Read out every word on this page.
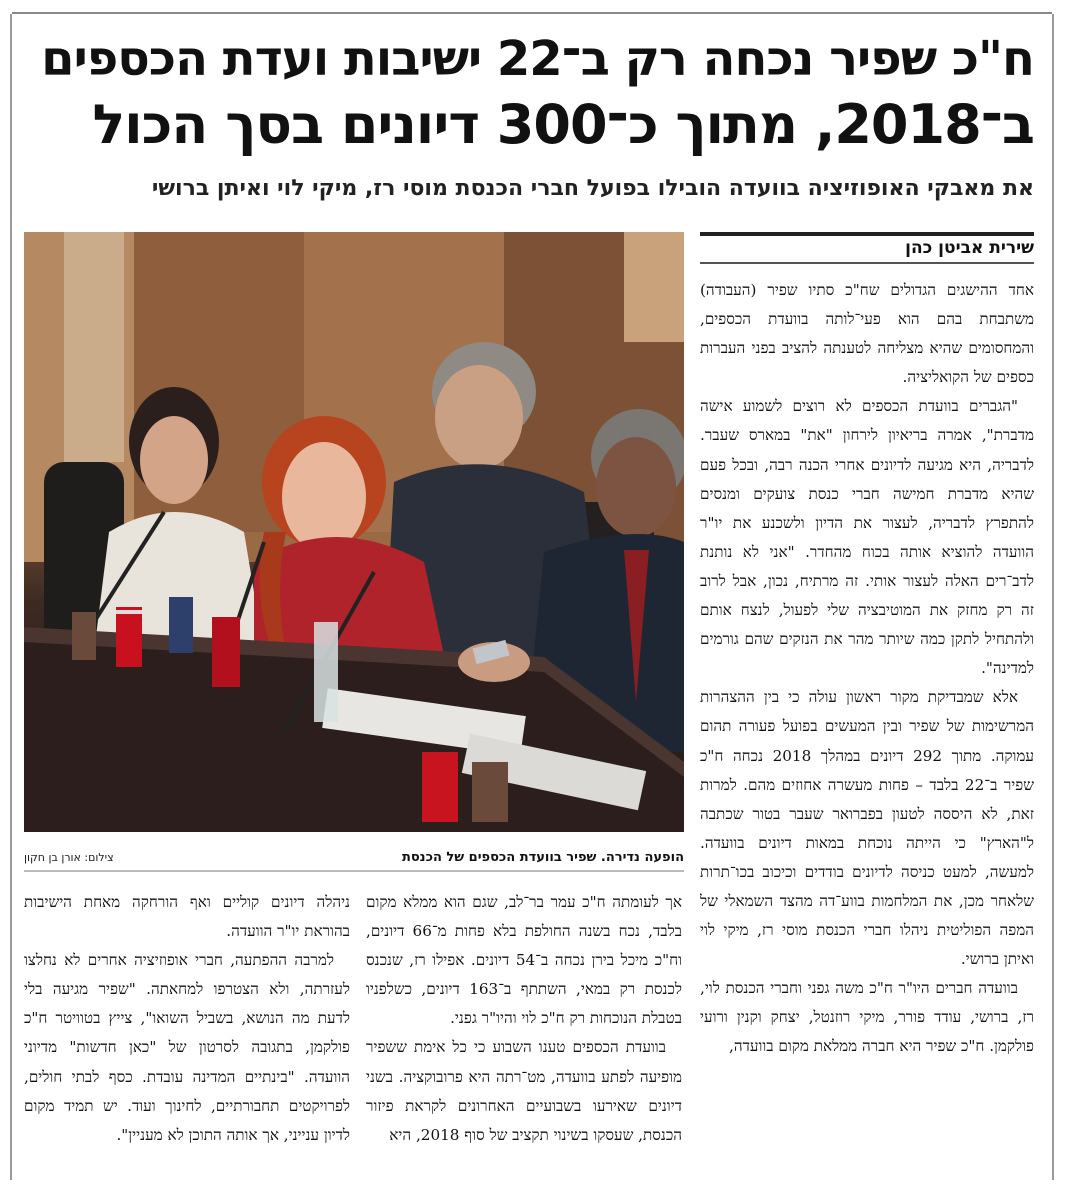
ח"כ שפיר נכחה רק ב־22 ישיבות ועדת הכספים
ב־2018, מתוך כ־300 דיונים בסך הכול
את מאבקי האופוזיציה בוועדה הובילו בפועל חברי הכנסת מוסי רז, מיקי לוי ואיתן ברושי
הופעה נדירה. שפיר בוועדת הכספים של הכנסת
צילום: אורן בן חקון
שירית אביטן כהן

אחד ההישגים הגדולים שח"כ סתיו שפיר (העבודה) משתבחת בהם הוא פעי־לותה בוועדת הכספים, והמחסומים שהיא מצליחה לטענתה להציב בפני העברות כספים של הקואליציה.

"הגברים בוועדת הכספים לא רוצים לשמוע אישה מדברת", אמרה בריאיון לירחון "את" במארס שעבר. לדבריה, היא מגיעה לדיונים אחרי הכנה רבה, ובכל פעם שהיא מדברת חמישה חברי כנסת צועקים ומנסים להתפרץ לדבריה, לעצור את הדיון ולשכנע את יו"ר הוועדה להוציא אותה בכוח מהחדר. "אני לא נותנת לדב־רים האלה לעצור אותי. זה מרתיח, נכון, אבל לרוב זה רק מחזק את המוטיבציה שלי לפעול, לנצח אותם ולהתחיל לתקן כמה שיותר מהר את הנזקים שהם גורמים למדינה".

אלא שמבדיקת מקור ראשון עולה כי בין ההצהרות המרשימות של שפיר ובין המעשים בפועל פעורה תהום עמוקה. מתוך 292 דיונים במהלך 2018 נכחה ח"כ שפיר ב־22 בלבד – פחות מעשרה אחוזים מהם. למרות זאת, לא היססה לטעון בפברואר שעבר בטור שכתבה ל"הארץ" כי הייתה נוכחת במאות דיונים בוועדה. למעשה, למעט כניסה לדיונים בודדים וכיכוב בכו־תרות שלאחר מכן, את המלחמות בווע־דה מהצד השמאלי של המפה הפוליטית ניהלו חברי הכנסת מוסי רז, מיקי לוי ואיתן ברושי.

בוועדה חברים היו"ר ח"כ משה גפני וחברי הכנסת לוי, רז, ברושי, עודד פורר, מיקי רוזנטל, יצחק וקנין ורועי פולקמן. ח"כ שפיר היא חברה ממלאת מקום בוועדה,

אך לעומתה ח"כ עמר בר־לב, שגם הוא ממלא מקום בלבד, נכח בשנה החולפת בלא פחות מ־66 דיונים, וח"כ מיכל בירן נכחה ב־54 דיונים. אפילו רז, שנכנס לכנסת רק במאי, השתתף ב־163 דיונים, כשלפניו בטבלת הנוכחות רק ח"כ לוי והיו"ר גפני.

בוועדת הכספים טענו השבוע כי כל אימת ששפיר מופיעה לפתע בוועדה, מט־רתה היא פרובוקציה. בשני דיונים שאירעו בשבועיים האחרונים לקראת פיזור הכנסת, שעסקו בשינוי תקציב של סוף 2018, היא

ניהלה דיונים קוליים ואף הורחקה מאחת הישיבות בהוראת יו"ר הוועדה.

למרבה ההפתעה, חברי אופוזיציה אחרים לא נחלצו לעזרתה, ולא הצטרפו למחאתה. "שפיר מגיעה בלי לדעת מה הנושא, בשביל השואו", צייץ בטוויטר ח"כ פולקמן, בתגובה לסרטון של "כאן חדשות" מדיוני הוועדה. "בינתיים המדינה עובדת. כסף לבתי חולים, לפרויקטים תחבורתיים, לחינוך ועוד. יש תמיד מקום לדיון ענייני, אך אותה התוכן לא מעניין".
